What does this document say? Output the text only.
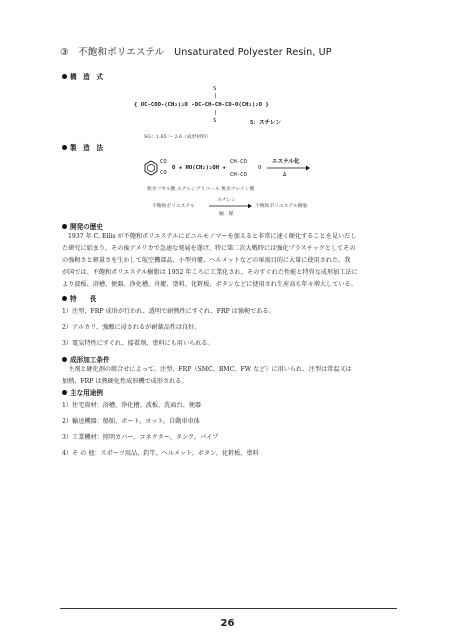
③ 不飽和ポリエステル　Unsaturated Polyester Resin, UP
構　造　式
S
|
{ OC-COO-(CH₂)₂O -OC-CH-CH-CO-O(CH₂)₂O }
|
S	S：スチレン
SG：1.65 ～ 2.6（成形材料）
製　造　法
CO
CO
O + HO(CH₂)₂OH +
CH-CO
CH-CO
O
エステル化
Δ
無水フタル酸 エチレングリコール 無水マレイン酸
不飽和ポリエステル
スチレン
触　媒
不飽和ポリエステル樹脂
開発の歴史
1937 年 C. Ellis が不飽和ポリエステルにビニルモノマーを加えると非常に速く硬化することを見いだし
た研究に始まり、その後アメリカで急速な発展を遂げ、特に第二次大戦時には強化プラスチックとしてその
の強靭さと軽量さを生かして航空機部品、小型舟艇、ヘルメットなどの軍需目的に大量に使用された。我
が国では、不飽和ポリエステル樹脂は 1952 年ころに工業化され、そのすぐれた性能と特異な成形加工法に
より波板、浴槽、便器、浄化槽、舟艇、塗料、化粧板、ボタンなどに使用され生産高も年々増大している。
特　　長
1）注型、FRP 成形が行われ、透明で耐熱性にすぐれ、FRP は強靭である。
2）アルカリ、強酸に浸されるが耐薬品性は良好。
3）電気特性にすぐれ、接着剤、塗料にも用いられる。
成形加工条件
主剤と硬化剤の組合せによって、注型、FRP（SMC、BMC、FW など）に用いられ、注型は常温又は
加熱、FRP は熱硬化性成形機で成形される。
主な用途例
1）住宅資材：浴槽、浄化槽、波板、洗面台、便器
2）輸送機器：船舶、ボート、ヨット、自動車車体
3）工業機材：照明カバー、コネクター、タンク、パイプ
4）そ の 他：スポーツ用品、釣竿、ヘルメット、ボタン、化粧板、塗料
26
